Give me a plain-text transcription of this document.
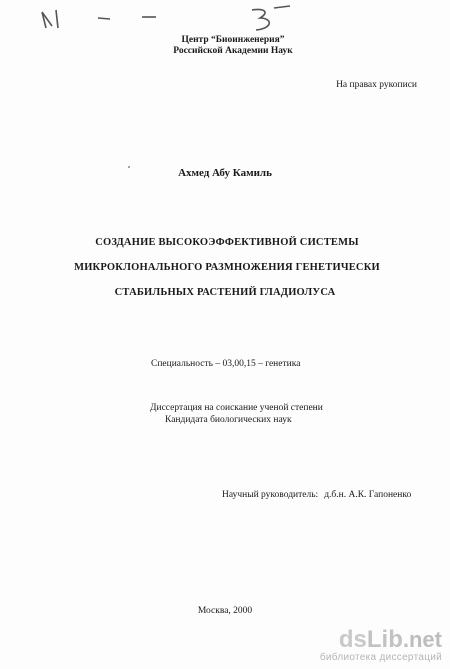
Центр “Биоинженерия”
Российской Академии Наук
На правах рукописи
Ахмед Абу Камиль
СОЗДАНИЕ ВЫСОКОЭФФЕКТИВНОЙ СИСТЕМЫ
МИКРОКЛОНАЛЬНОГО РАЗМНОЖЕНИЯ ГЕНЕТИЧЕСКИ
СТАБИЛЬНЫХ РАСТЕНИЙ ГЛАДИОЛУСА
Специальность – 03,00,15 – генетика
Диссертация на соискание ученой степени
Кандидата биологических наук
Научный руководитель: д.б.н. А.К. Гапоненко
Москва, 2000
dsLib.net
библиотека диссертаций
